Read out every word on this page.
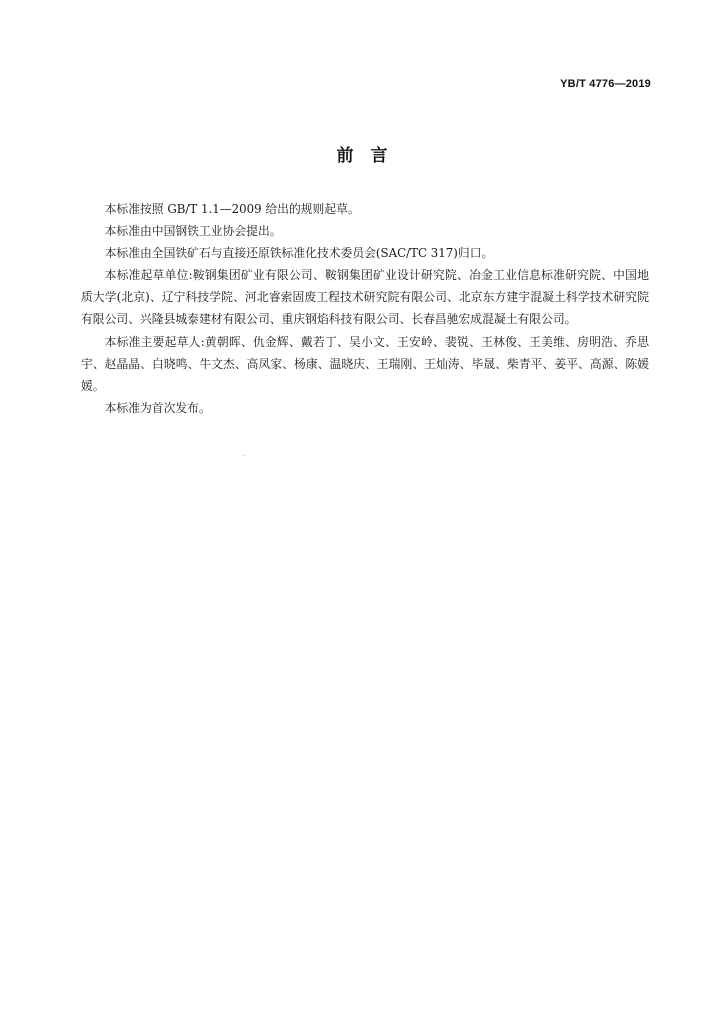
YB/T 4776—2019
前　言

本标准按照 GB/T 1.1—2009 给出的规则起草。

本标准由中国钢铁工业协会提出。

本标准由全国铁矿石与直接还原铁标准化技术委员会(SAC/TC 317)归口。

本标准起草单位:鞍钢集团矿业有限公司、鞍钢集团矿业设计研究院、冶金工业信息标准研究院、中国地质大学(北京)、辽宁科技学院、河北睿索固废工程技术研究院有限公司、北京东方建宇混凝土科学技术研究院有限公司、兴隆县城泰建材有限公司、重庆钢焰科技有限公司、长春昌驰宏成混凝土有限公司。

本标准主要起草人:黄朝晖、仇金辉、戴若丁、吴小文、王安岭、裴锐、王林俊、王美维、房明浩、乔思宇、赵晶晶、白晓鸣、牛文杰、高凤家、杨康、温晓庆、王瑞刚、王灿涛、毕晟、柴青平、姜平、高源、陈媛媛。

本标准为首次发布。
